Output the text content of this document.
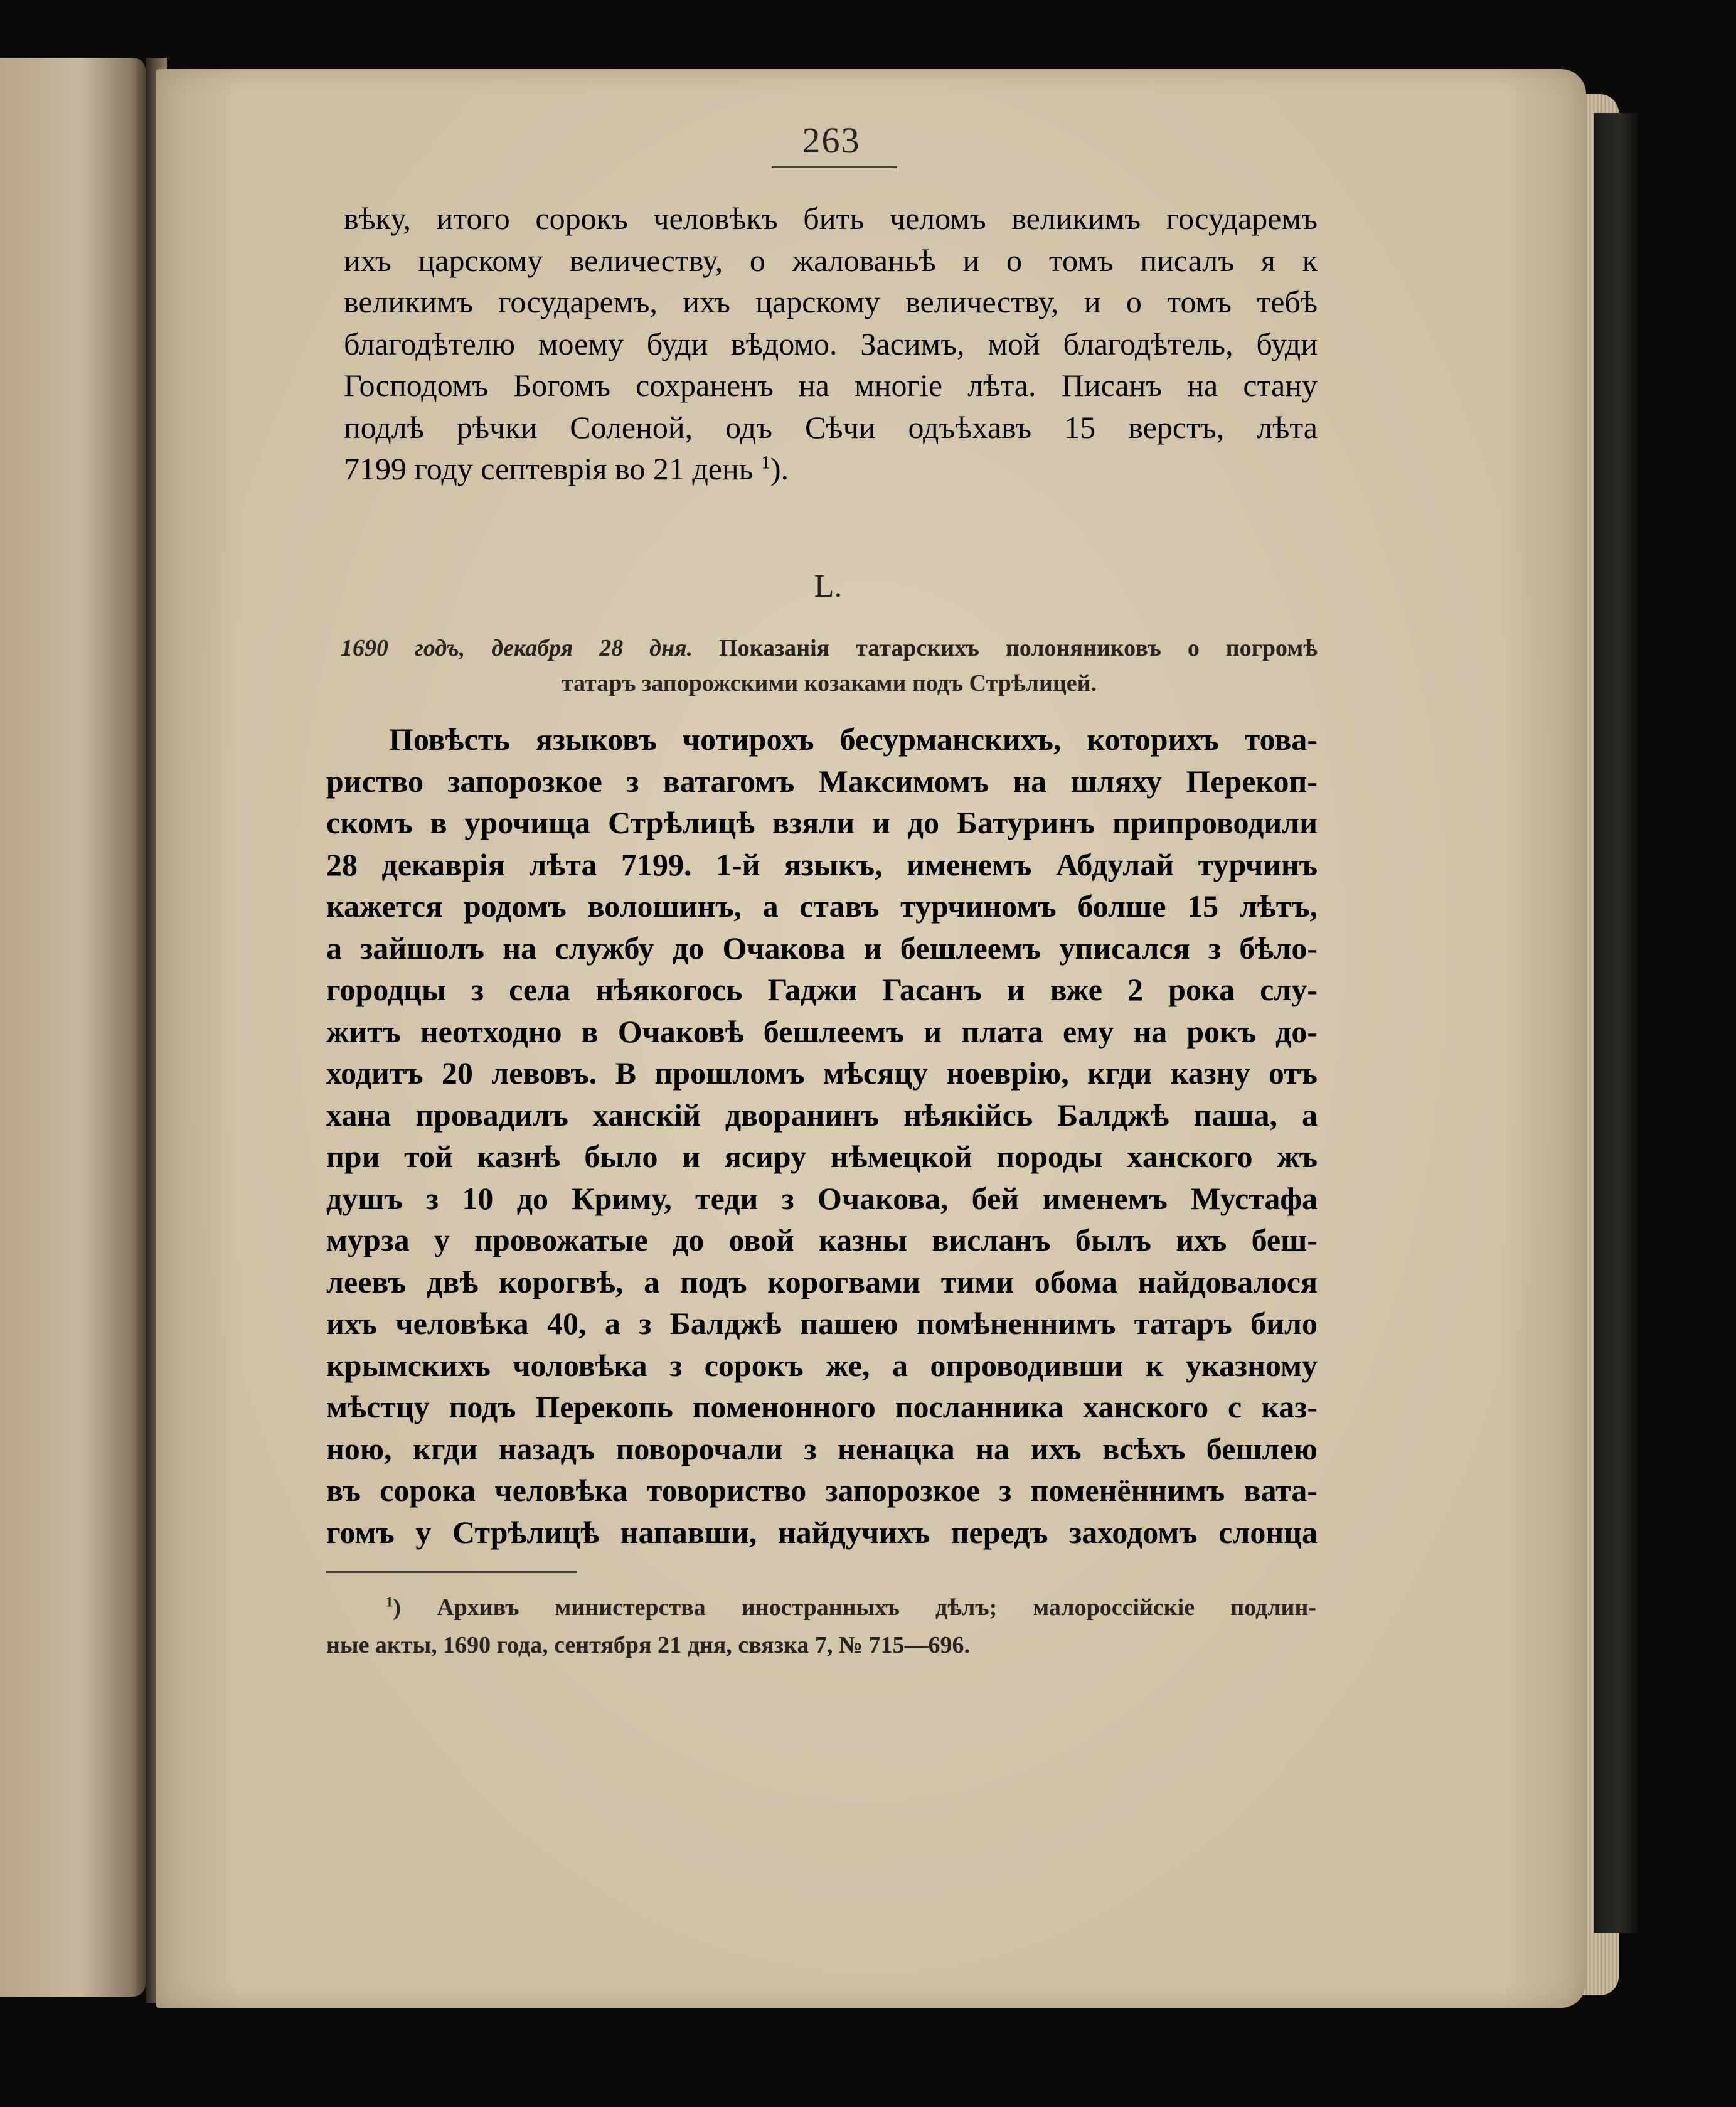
263
вѣку, итого сорокъ человѣкъ бить челомъ великимъ государемъ
ихъ царскому величеству, о жалованьѣ и о томъ писалъ я к
великимъ государемъ, ихъ царскому величеству, и о томъ тебѣ
благодѣтелю моему буди вѣдомо. Засимъ, мой благодѣтель, буди
Господомъ Богомъ сохраненъ на многіе лѣта. Писанъ на стану
подлѣ рѣчки Соленой, одъ Сѣчи одъѣхавъ 15 верстъ, лѣта
7199 году септеврія во 21 день $^1$).
L.
1690 годъ, декабря 28 дня. Показанія татарскихъ полоняниковъ о погромѣ
татаръ запорожскими козаками подъ Стрѣлицей.
Повѣсть языковъ чотирохъ бесурманскихъ, которихъ това-
риство запорозкое з ватагомъ Максимомъ на шляху Перекоп-
скомъ в урочища Стрѣлицѣ взяли и до Батуринъ припроводили
28 декаврія лѣта 7199. 1-й языкъ, именемъ Абдулай турчинъ
кажется родомъ волошинъ, а ставъ турчиномъ болше 15 лѣтъ,
а зайшолъ на службу до Очакова и бешлеемъ уписался з бѣло-
городцы з села нѣякогось Гаджи Гасанъ и вже 2 рока слу-
житъ неотходно в Очаковѣ бешлеемъ и плата ему на рокъ до-
ходитъ 20 левовъ. В прошломъ мѣсяцу ноеврію, кгди казну отъ
хана провадилъ ханскій дворанинъ нѣякійсь Балджѣ паша, а
при той казнѣ было и ясиру нѣмецкой породы ханского жъ
душъ з 10 до Криму, теди з Очакова, бей именемъ Мустафа
мурза у провожатые до овой казны висланъ былъ ихъ беш-
леевъ двѣ корогвѣ, а подъ корогвами тими обома найдовалося
ихъ человѣка 40, а з Балджѣ пашею помѣненнимъ татаръ било
крымскихъ чоловѣка з сорокъ же, а опроводивши к указному
мѣстцу подъ Перекопь поменонного посланника ханского с каз-
ною, кгди назадъ поворочали з ненацка на ихъ всѣхъ бешлею
въ сорока человѣка товориство запорозкое з поменённимъ вата-
гомъ у Стрѣлицѣ напавши, найдучихъ передъ заходомъ слонца
$^1$) Архивъ министерства иностранныхъ дѣлъ; малороссійскіе подлин-
ные акты, 1690 года, сентября 21 дня, связка 7, № 715—696.
